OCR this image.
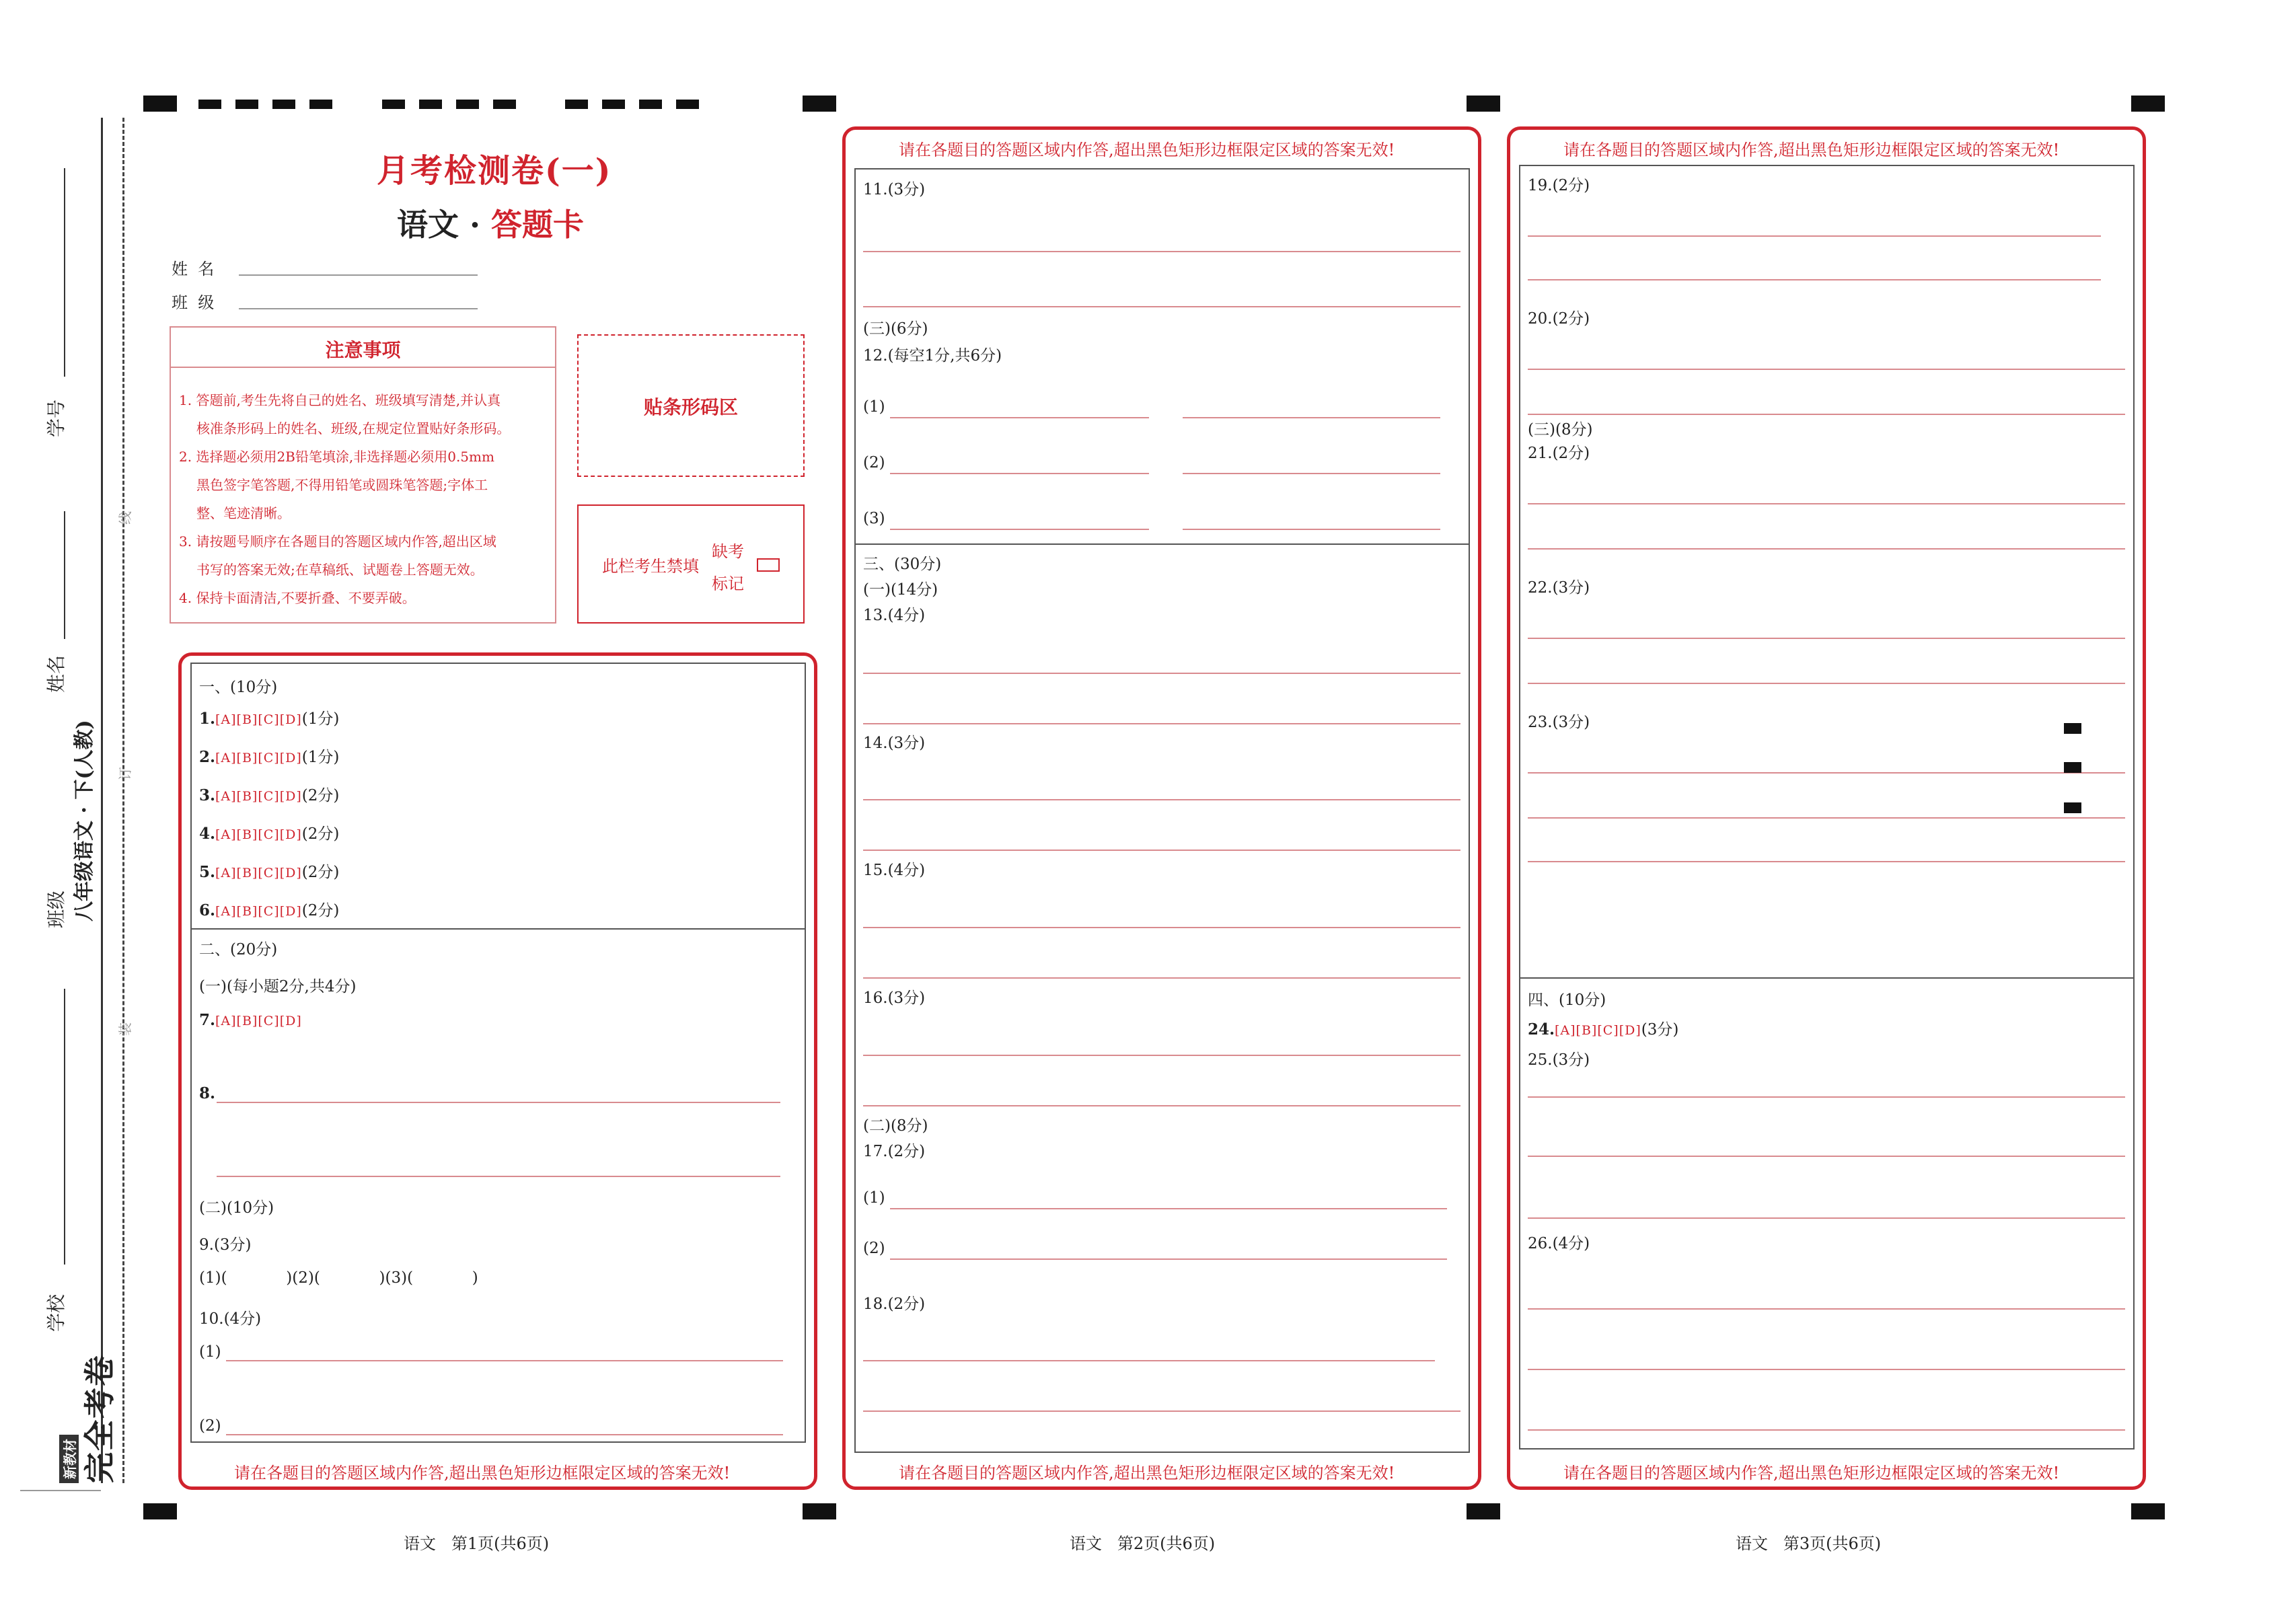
学号
姓名
班级 八年级语文 · 下(人教)
学校
线
订
装
新教材 完全考卷
月考检测卷(一)
语文 · 答题卡
姓  名
班  级
注意事项
1. 答题前,考生先将自己的姓名、班级填写清楚,并认真
核准条形码上的姓名、班级,在规定位置贴好条形码。
2. 选择题必须用2B铅笔填涂,非选择题必须用0.5mm
黑色签字笔答题,不得用铅笔或圆珠笔答题;字体工
整、笔迹清晰。
3. 请按题号顺序在各题目的答题区域内作答,超出区域
书写的答案无效;在草稿纸、试题卷上答题无效。
4. 保持卡面清洁,不要折叠、不要弄破。
贴条形码区
此栏考生禁填
缺考
标记
请在各题目的答题区域内作答,超出黑色矩形边框限定区域的答案无效!
一、(10分)
1.[A][B][C][D](1分)
2.[A][B][C][D](1分)
3.[A][B][C][D](2分)
4.[A][B][C][D](2分)
5.[A][B][C][D](2分)
6.[A][B][C][D](2分)
二、(20分)
(一)(每小题2分,共4分)
7.[A][B][C][D]
8.
(二)(10分)
9.(3分)
(1)(            )(2)(            )(3)(            )
10.(4分)
(1)
(2)
语文   第1页(共6页)
请在各题目的答题区域内作答,超出黑色矩形边框限定区域的答案无效!
请在各题目的答题区域内作答,超出黑色矩形边框限定区域的答案无效!
11.(3分)
(三)(6分)
12.(每空1分,共6分)
(1)
(2)
(3)
三、(30分)
(一)(14分)
13.(4分)
14.(3分)
15.(4分)
16.(3分)
(二)(8分)
17.(2分)
(1)
(2)
18.(2分)
语文   第2页(共6页)
请在各题目的答题区域内作答,超出黑色矩形边框限定区域的答案无效!
请在各题目的答题区域内作答,超出黑色矩形边框限定区域的答案无效!
19.(2分)
20.(2分)
(三)(8分)
21.(2分)
22.(3分)
23.(3分)
四、(10分)
24.[A][B][C][D](3分)
25.(3分)
26.(4分)
语文   第3页(共6页)
